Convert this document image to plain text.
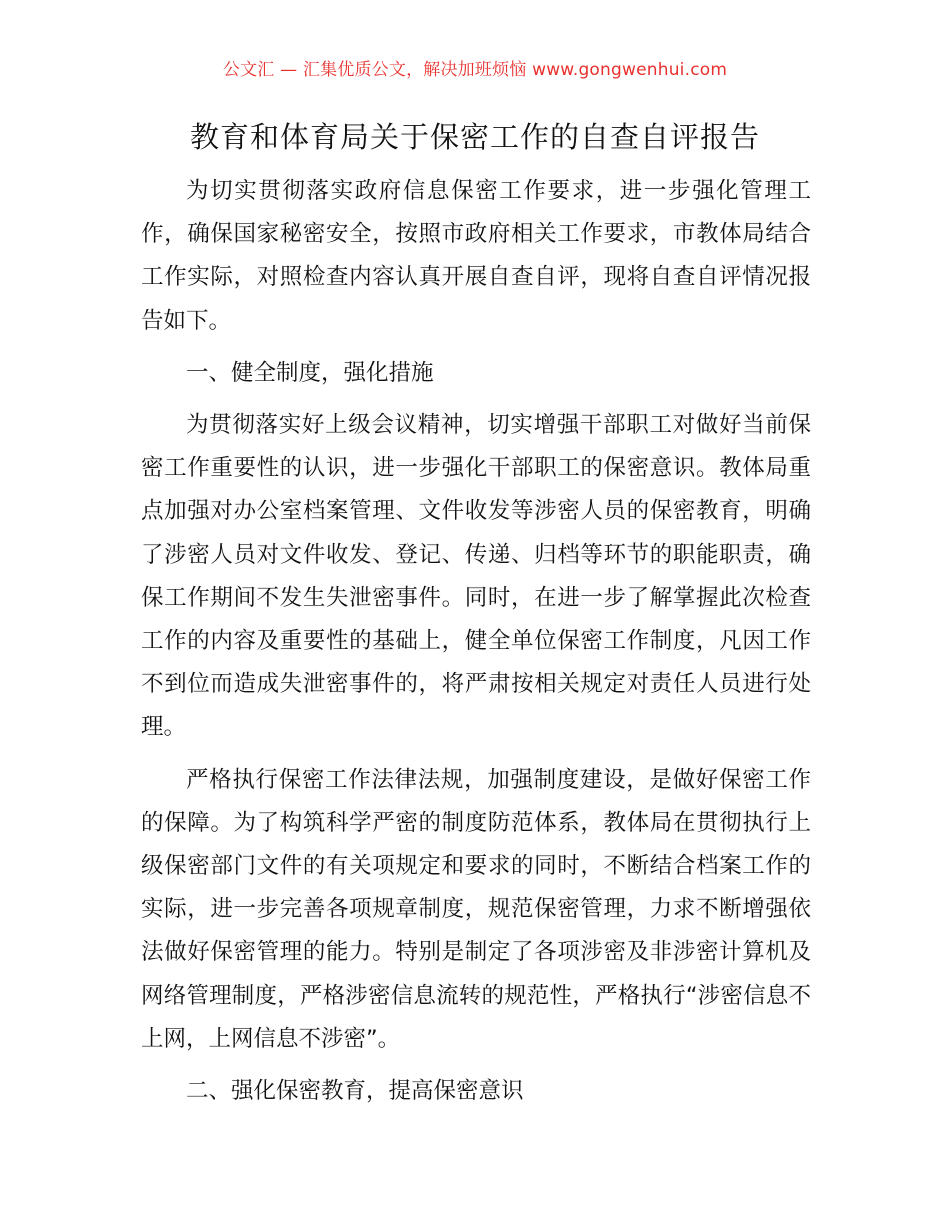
公文汇 — 汇集优质公文，解决加班烦恼 www.gongwenhui.com
教育和体育局关于保密工作的自查自评报告

为切实贯彻落实政府信息保密工作要求，进一步强化管理工作，确保国家秘密安全，按照市政府相关工作要求，市教体局结合工作实际，对照检查内容认真开展自查自评，现将自查自评情况报告如下。

一、健全制度，强化措施

为贯彻落实好上级会议精神，切实增强干部职工对做好当前保密工作重要性的认识，进一步强化干部职工的保密意识。教体局重点加强对办公室档案管理、文件收发等涉密人员的保密教育，明确了涉密人员对文件收发、登记、传递、归档等环节的职能职责，确保工作期间不发生失泄密事件。同时，在进一步了解掌握此次检查工作的内容及重要性的基础上，健全单位保密工作制度，凡因工作不到位而造成失泄密事件的，将严肃按相关规定对责任人员进行处理。

严格执行保密工作法律法规，加强制度建设，是做好保密工作的保障。为了构筑科学严密的制度防范体系，教体局在贯彻执行上级保密部门文件的有关项规定和要求的同时，不断结合档案工作的实际，进一步完善各项规章制度，规范保密管理，力求不断增强依法做好保密管理的能力。特别是制定了各项涉密及非涉密计算机及网络管理制度，严格涉密信息流转的规范性，严格执行“涉密信息不上网，上网信息不涉密”。

二、强化保密教育，提高保密意识
